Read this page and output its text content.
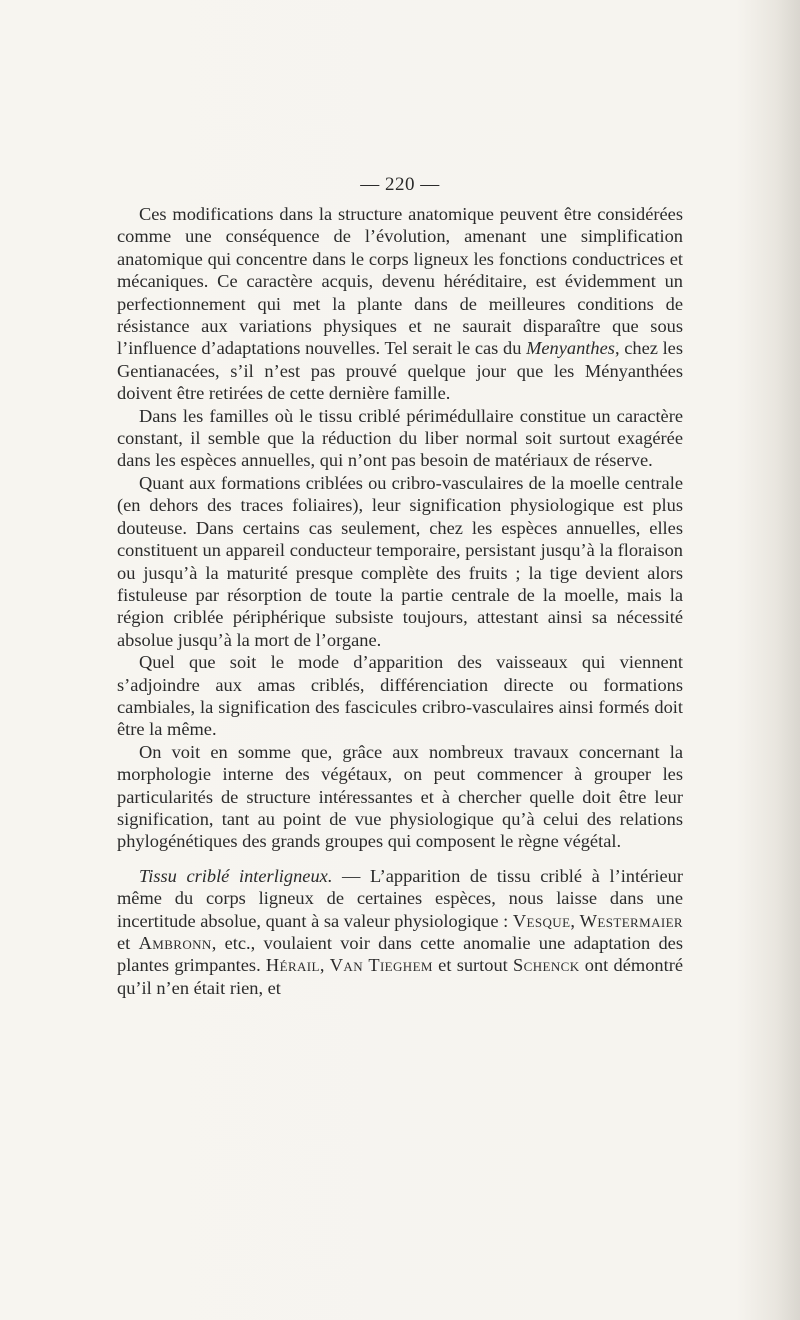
— 220 —

Ces modifications dans la structure anatomique peuvent être considérées comme une conséquence de l’évolution, amenant une simplification anatomique qui concentre dans le corps ligneux les fonctions conductrices et mécaniques. Ce caractère acquis, devenu héréditaire, est évidemment un perfectionnement qui met la plante dans de meilleures conditions de résistance aux variations physiques et ne saurait disparaître que sous l’influence d’adaptations nouvelles. Tel serait le cas du Menyanthes, chez les Gentianacées, s’il n’est pas prouvé quelque jour que les Ményanthées doivent être retirées de cette dernière famille.

Dans les familles où le tissu criblé périmédullaire constitue un caractère constant, il semble que la réduction du liber normal soit surtout exagérée dans les espèces annuelles, qui n’ont pas besoin de matériaux de réserve.

Quant aux formations criblées ou cribro-vasculaires de la moelle centrale (en dehors des traces foliaires), leur signification physiologique est plus douteuse. Dans certains cas seulement, chez les espèces annuelles, elles constituent un appareil conducteur temporaire, persistant jusqu’à la floraison ou jusqu’à la maturité presque complète des fruits ; la tige devient alors fistuleuse par résorption de toute la partie centrale de la moelle, mais la région criblée périphérique subsiste toujours, attestant ainsi sa nécessité absolue jusqu’à la mort de l’organe.

Quel que soit le mode d’apparition des vaisseaux qui viennent s’adjoindre aux amas criblés, différenciation directe ou formations cambiales, la signification des fascicules cribro-vasculaires ainsi formés doit être la même.

On voit en somme que, grâce aux nombreux travaux concernant la morphologie interne des végétaux, on peut commencer à grouper les particularités de structure intéressantes et à chercher quelle doit être leur signification, tant au point de vue physiologique qu’à celui des relations phylogénétiques des grands groupes qui composent le règne végétal.

Tissu criblé interligneux. — L’apparition de tissu criblé à l’intérieur même du corps ligneux de certaines espèces, nous laisse dans une incertitude absolue, quant à sa valeur physiologique : Vesque, Westermaier et Ambronn, etc., voulaient voir dans cette anomalie une adaptation des plantes grimpantes. Hérail, Van Tieghem et surtout Schenck ont démontré qu’il n’en était rien, et
